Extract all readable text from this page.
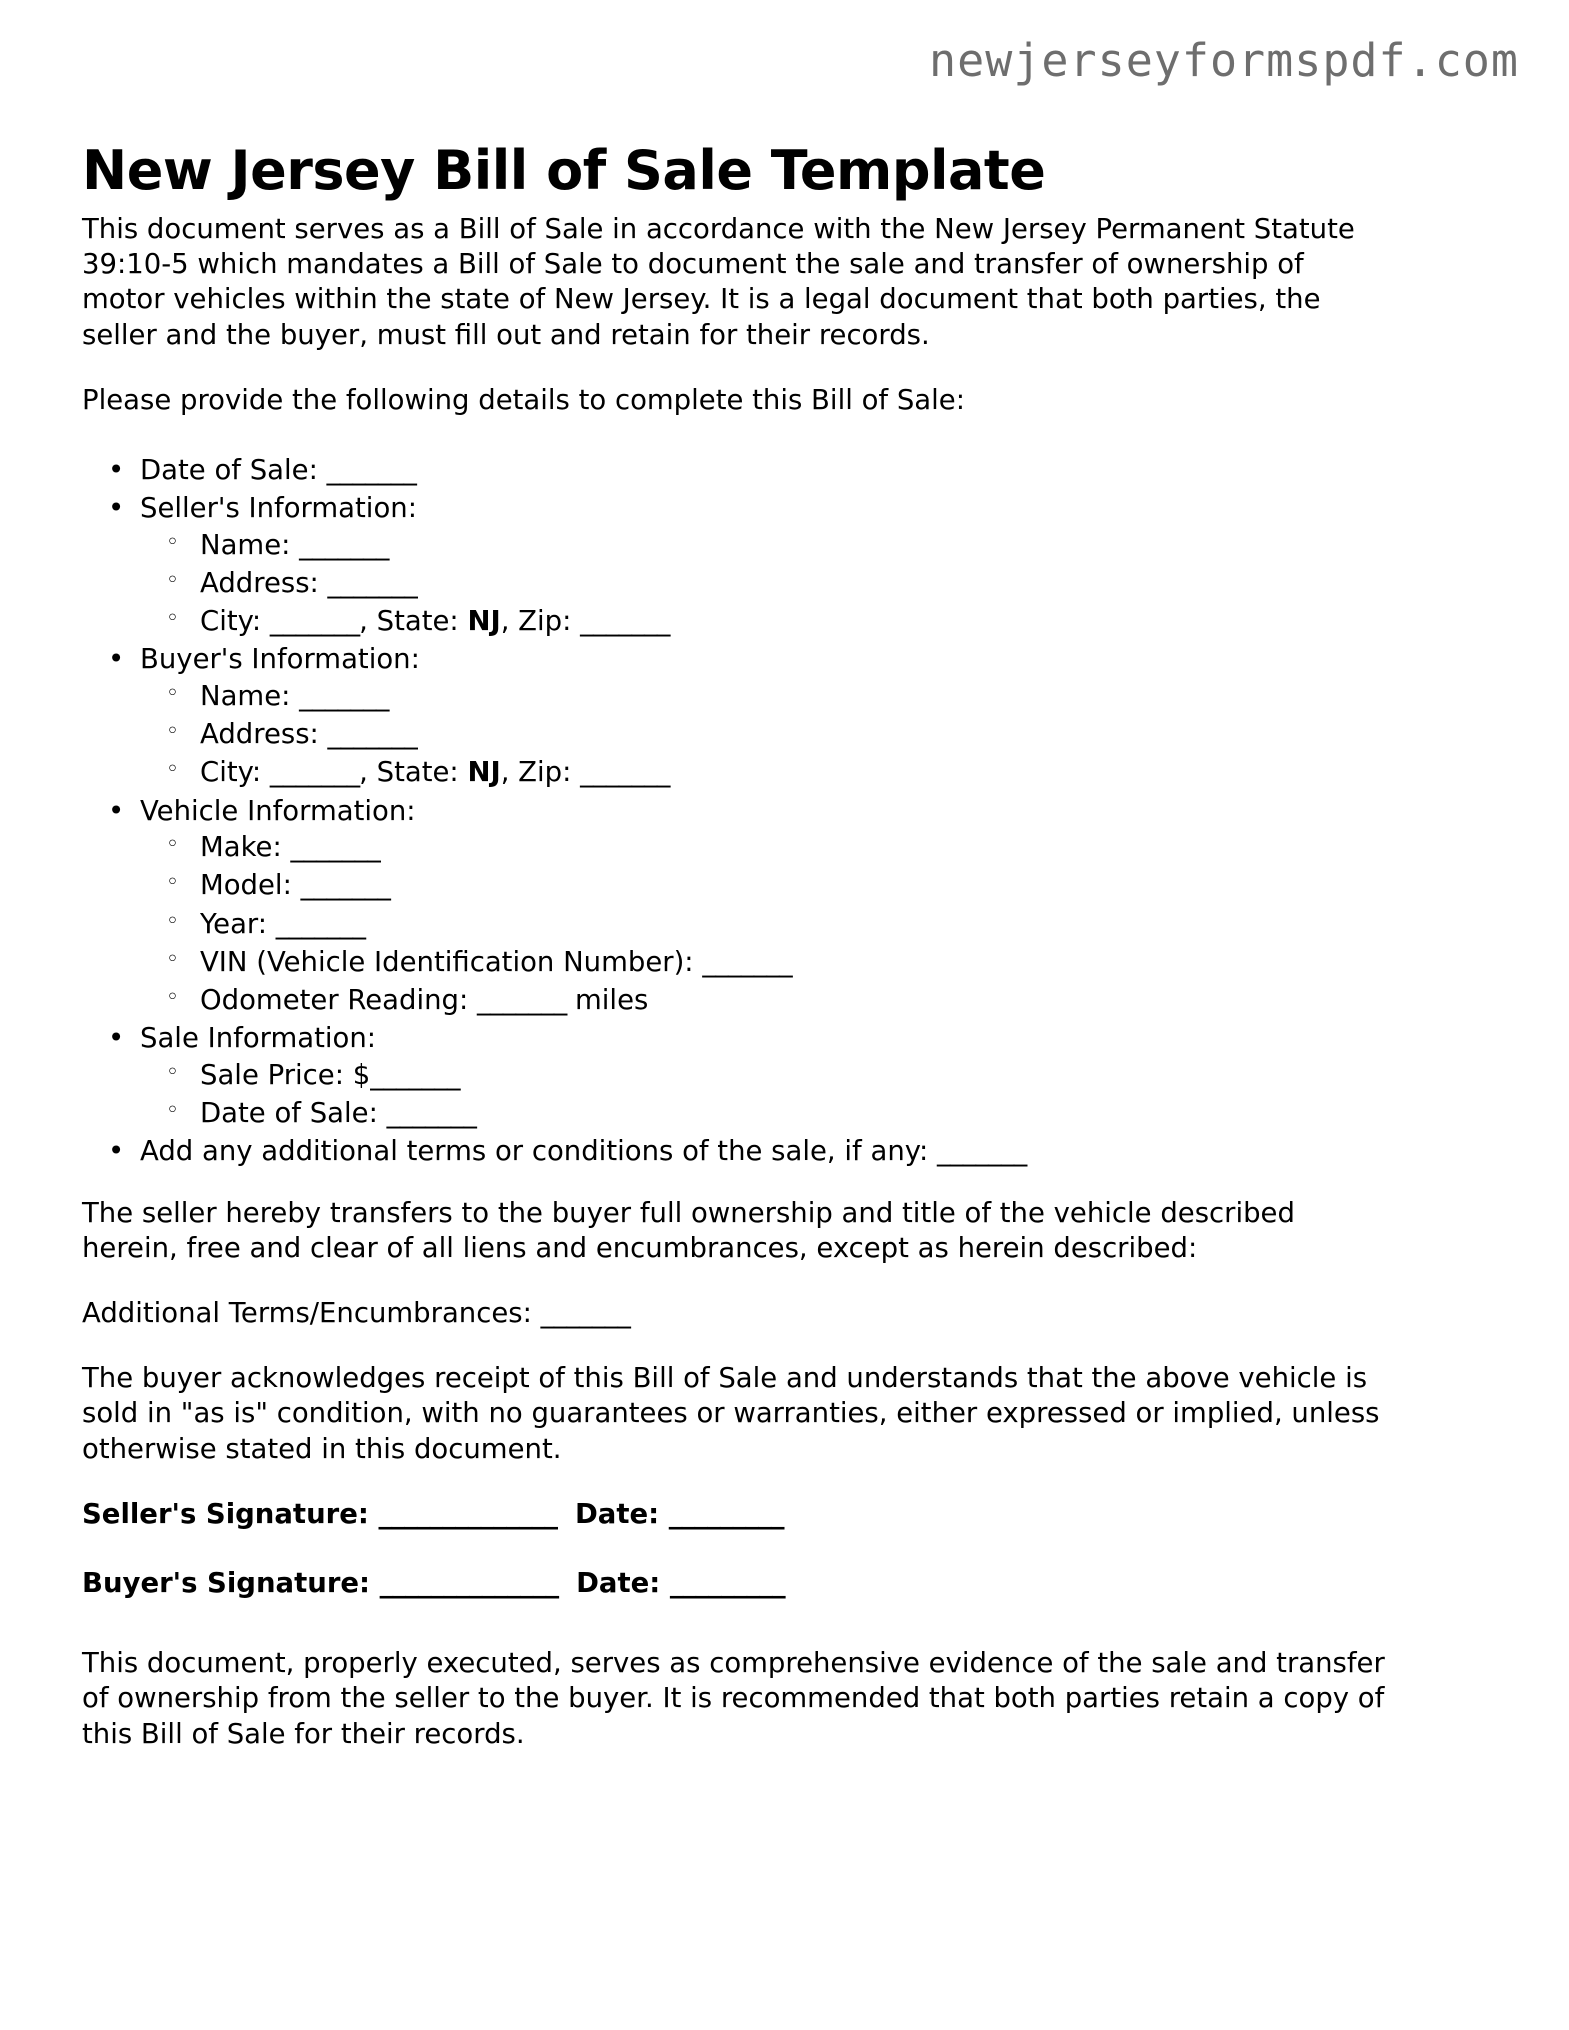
newjerseyformspdf.com
New Jersey Bill of Sale Template

This document serves as a Bill of Sale in accordance with the New Jersey Permanent Statute 39:10-5 which mandates a Bill of Sale to document the sale and transfer of ownership of motor vehicles within the state of New Jersey. It is a legal document that both parties, the seller and the buyer, must fill out and retain for their records.

Please provide the following details to complete this Bill of Sale:

• Date of Sale: _______
• Seller's Information:
◦ Name: _______
◦ Address: _______
◦ City: _______, State: NJ, Zip: _______
• Buyer's Information:
◦ Name: _______
◦ Address: _______
◦ City: _______, State: NJ, Zip: _______
• Vehicle Information:
◦ Make: _______
◦ Model: _______
◦ Year: _______
◦ VIN (Vehicle Identification Number): _______
◦ Odometer Reading: _______ miles
• Sale Information:
◦ Sale Price: $_______
◦ Date of Sale: _______
• Add any additional terms or conditions of the sale, if any: _______

The seller hereby transfers to the buyer full ownership and title of the vehicle described herein, free and clear of all liens and encumbrances, except as herein described:

Additional Terms/Encumbrances: _______

The buyer acknowledges receipt of this Bill of Sale and understands that the above vehicle is sold in "as is" condition, with no guarantees or warranties, either expressed or implied, unless otherwise stated in this document.

Seller's Signature: ______________ Date: _________
Buyer's Signature: ______________ Date: _________

This document, properly executed, serves as comprehensive evidence of the sale and transfer of ownership from the seller to the buyer. It is recommended that both parties retain a copy of this Bill of Sale for their records.
